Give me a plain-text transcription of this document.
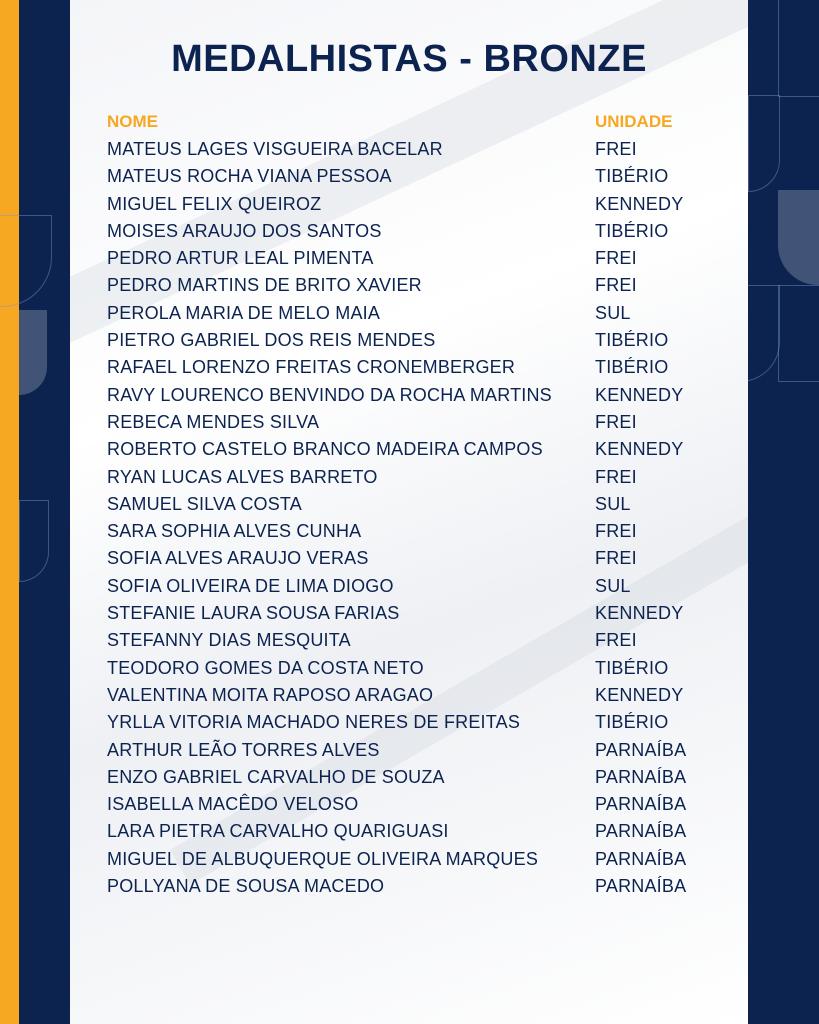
MEDALHISTAS - BRONZE
NOME	UNIDADE
MATEUS LAGES VISGUEIRA BACELAR	FREI
MATEUS ROCHA VIANA PESSOA	TIBÉRIO
MIGUEL FELIX QUEIROZ	KENNEDY
MOISES ARAUJO DOS SANTOS	TIBÉRIO
PEDRO ARTUR LEAL PIMENTA	FREI
PEDRO MARTINS DE BRITO XAVIER	FREI
PEROLA MARIA DE MELO MAIA	SUL
PIETRO GABRIEL DOS REIS MENDES	TIBÉRIO
RAFAEL LORENZO FREITAS CRONEMBERGER	TIBÉRIO
RAVY LOURENCO BENVINDO DA ROCHA MARTINS KENNEDY
REBECA MENDES SILVA	FREI
ROBERTO CASTELO BRANCO MADEIRA CAMPOS	KENNEDY
RYAN LUCAS ALVES BARRETO	FREI
SAMUEL SILVA COSTA	SUL
SARA SOPHIA ALVES CUNHA	FREI
SOFIA ALVES ARAUJO VERAS	FREI
SOFIA OLIVEIRA DE LIMA DIOGO	SUL
STEFANIE LAURA SOUSA FARIAS	KENNEDY
STEFANNY DIAS MESQUITA	FREI
TEODORO GOMES DA COSTA NETO	TIBÉRIO
VALENTINA MOITA RAPOSO ARAGAO	KENNEDY
YRLLA VITORIA MACHADO NERES DE FREITAS	TIBÉRIO
ARTHUR LEÃO TORRES ALVES	PARNAÍBA
ENZO GABRIEL CARVALHO DE SOUZA	PARNAÍBA
ISABELLA MACÊDO VELOSO	PARNAÍBA
LARA PIETRA CARVALHO QUARIGUASI	PARNAÍBA
MIGUEL DE ALBUQUERQUE OLIVEIRA MARQUES	PARNAÍBA
POLLYANA DE SOUSA MACEDO	PARNAÍBA
